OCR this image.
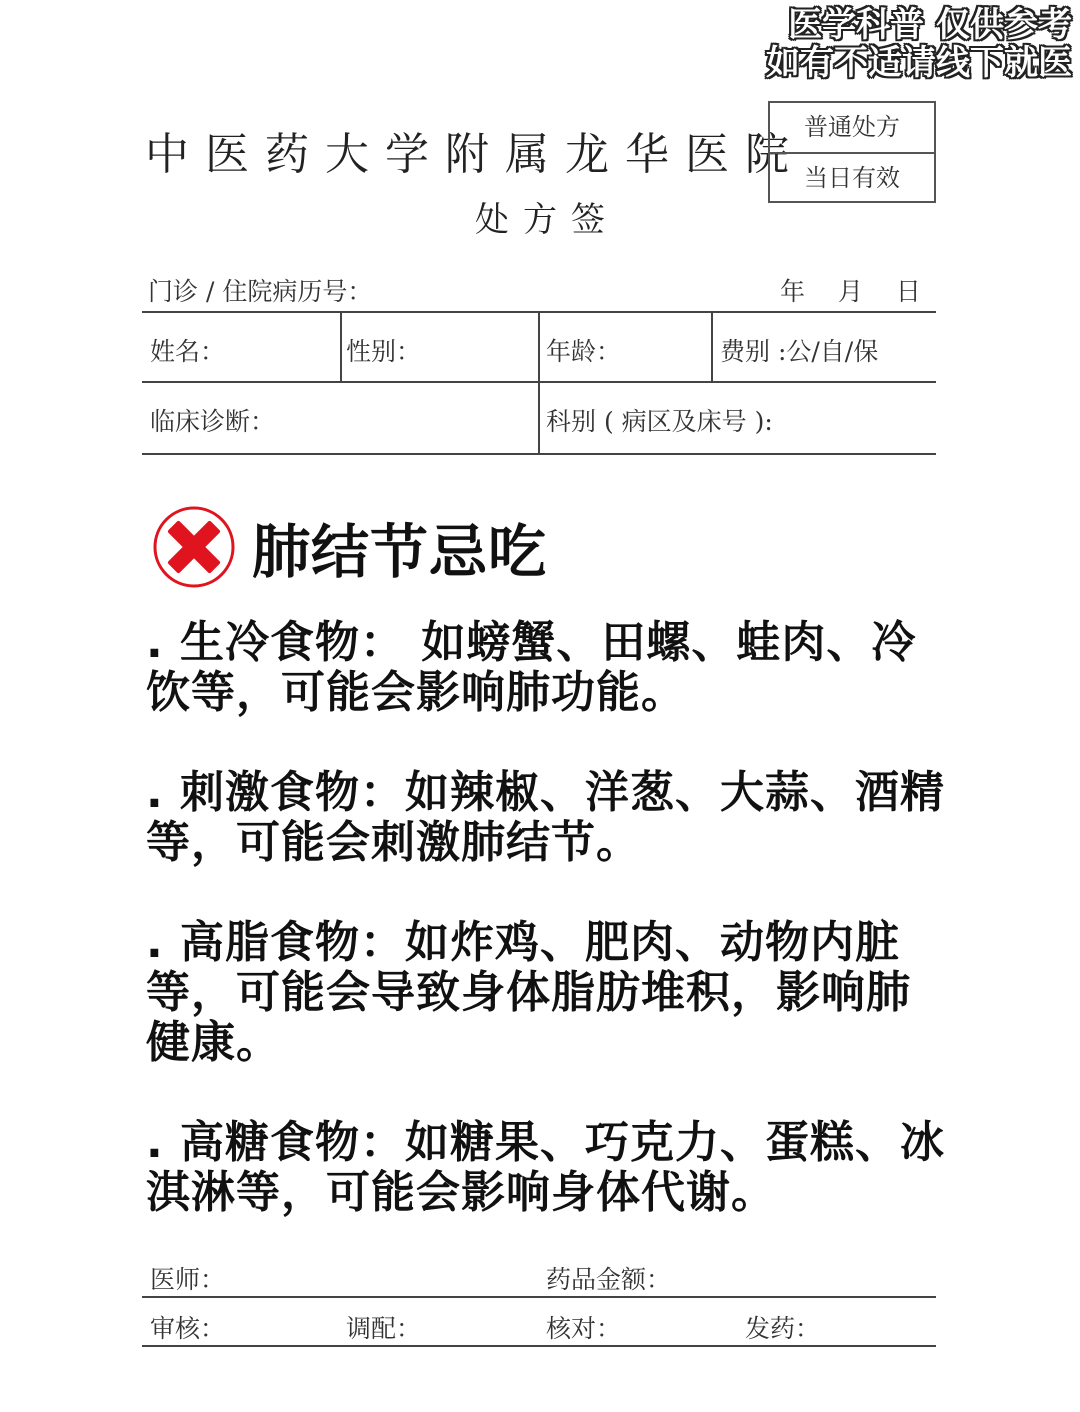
医学科普 仅供参考
如有不适请线下就医
中医药大学附属龙华医院
处方签
普通处方
当日有效
门诊 / 住院病历号：	年　 月　 日
姓名：	性别：	年龄：	费别 :公/自/保
临床诊断：	科别 ( 病区及床号 ):
肺结节忌吃
. 生冷食物： 如螃蟹、田螺、蛙肉、冷饮等，可能会影响肺功能。
. 刺激食物：如辣椒、洋葱、大蒜、酒精等，可能会刺激肺结节。
. 高脂食物：如炸鸡、肥肉、动物内脏等，可能会导致身体脂肪堆积，影响肺健康。
. 高糖食物：如糖果、巧克力、蛋糕、冰淇淋等，可能会影响身体代谢。
医师：	药品金额：
审核：	调配：	核对：	发药：
